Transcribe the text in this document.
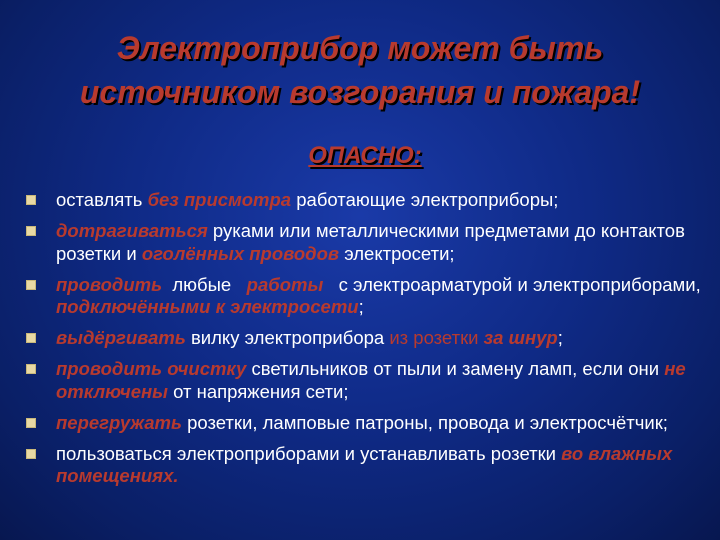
Электроприбор может быть
источником возгорания и пожара!
ОПАСНО:
оставлять без присмотра работающие электроприборы;
дотрагиваться руками или металлическими предметами до контактов розетки и оголённых проводов электросети;
проводить  любые   работы   с электроарматурой и электроприборами,   подключёнными к электросети;
выдёргивать вилку электроприбора из розетки за шнур;
проводить очистку светильников от пыли и замену ламп, если они не отключены от напряжения сети;
перегружать розетки, ламповые патроны, провода и электросчётчик;
пользоваться электроприборами и устанавливать розетки во влажных помещениях.
